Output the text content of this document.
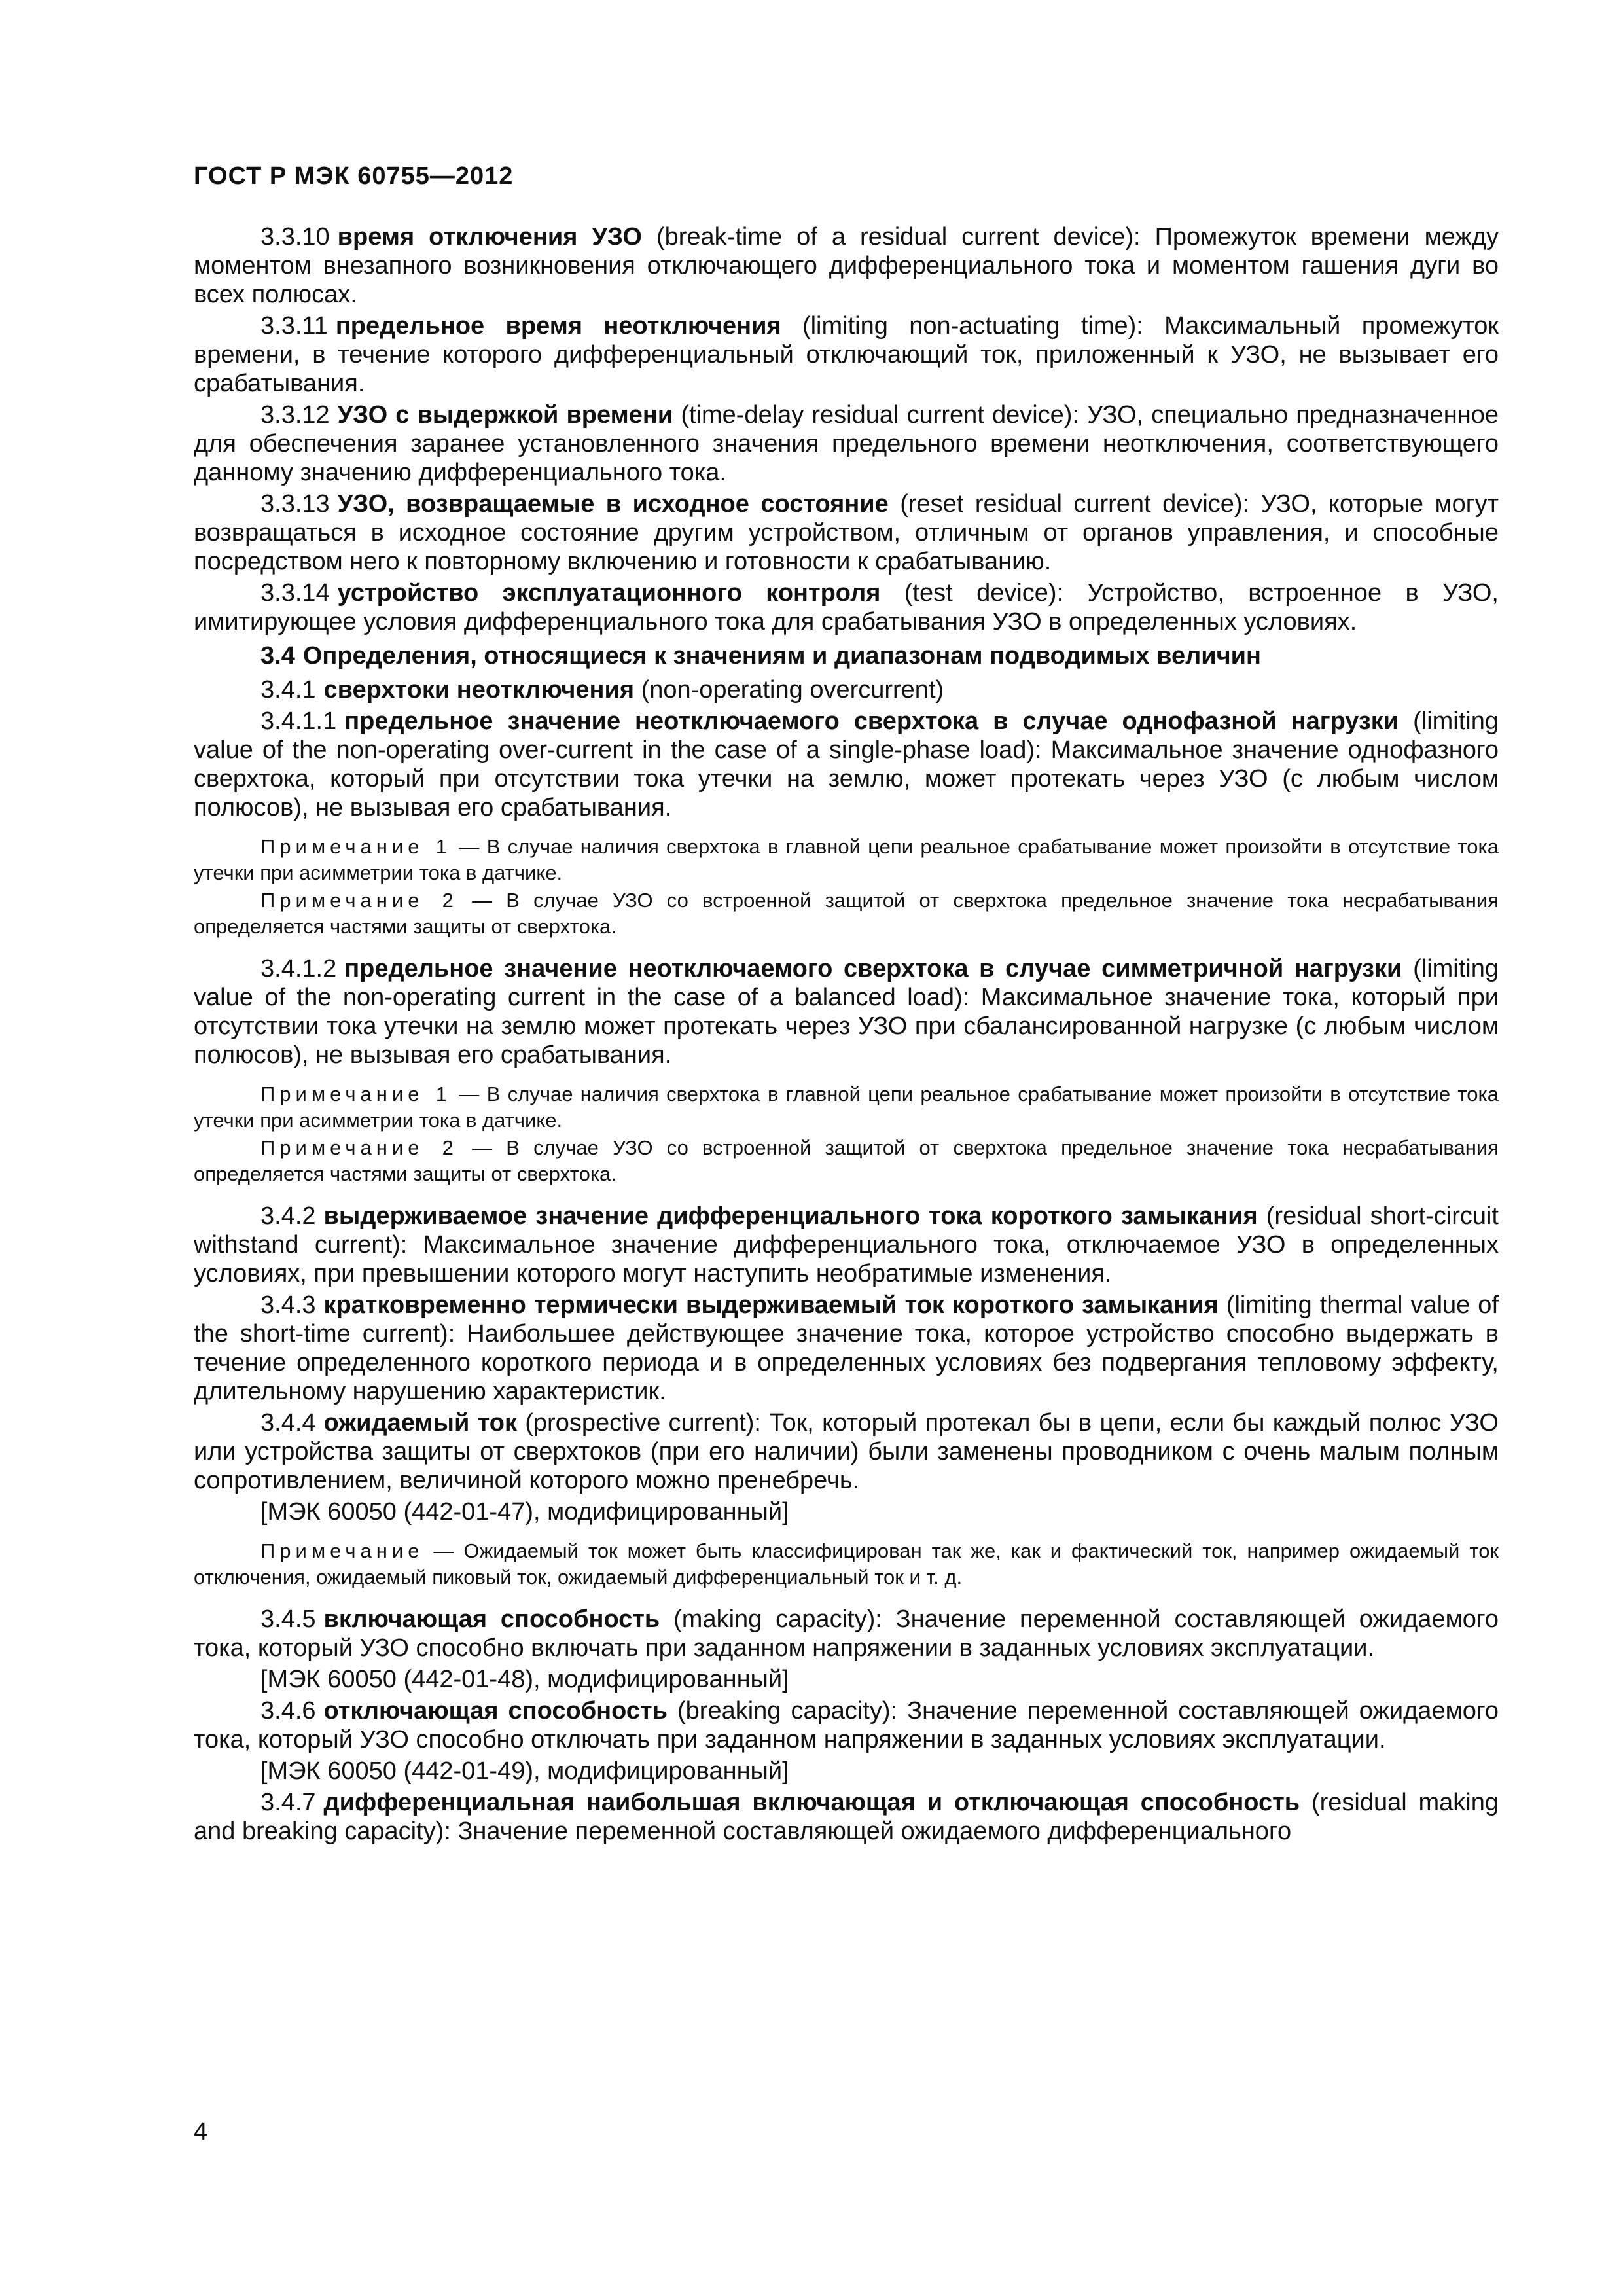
ГОСТ Р МЭК 60755—2012

3.3.10 время отключения УЗО (break-time of a residual current device): Промежуток времени между моментом внезапного возникновения отключающего дифференциального тока и моментом гашения дуги во всех полюсах.

3.3.11 предельное время неотключения (limiting non-actuating time): Максимальный промежуток времени, в течение которого дифференциальный отключающий ток, приложенный к УЗО, не вызывает его срабатывания.

3.3.12 УЗО с выдержкой времени (time-delay residual current device): УЗО, специально предназначенное для обеспечения заранее установленного значения предельного времени неотключения, соответствующего данному значению дифференциального тока.

3.3.13 УЗО, возвращаемые в исходное состояние (reset residual current device): УЗО, которые могут возвращаться в исходное состояние другим устройством, отличным от органов управления, и способные посредством него к повторному включению и готовности к срабатыванию.

3.3.14 устройство эксплуатационного контроля (test device): Устройство, встроенное в УЗО, имитирующее условия дифференциального тока для срабатывания УЗО в определенных условиях.

3.4 Определения, относящиеся к значениям и диапазонам подводимых величин

3.4.1 сверхтоки неотключения (non-operating overcurrent)

3.4.1.1 предельное значение неотключаемого сверхтока в случае однофазной нагрузки (limiting value of the non-operating over-current in the case of a single-phase load): Максимальное значение однофазного сверхтока, который при отсутствии тока утечки на землю, может протекать через УЗО (с любым числом полюсов), не вызывая его срабатывания.

Примечание 1 — В случае наличия сверхтока в главной цепи реальное срабатывание может произойти в отсутствие тока утечки при асимметрии тока в датчике.

Примечание 2 — В случае УЗО со встроенной защитой от сверхтока предельное значение тока несрабатывания определяется частями защиты от сверхтока.

3.4.1.2 предельное значение неотключаемого сверхтока в случае симметричной нагрузки (limiting value of the non-operating current in the case of a balanced load): Максимальное значение тока, который при отсутствии тока утечки на землю может протекать через УЗО при сбалансированной нагрузке (с любым числом полюсов), не вызывая его срабатывания.

Примечание 1 — В случае наличия сверхтока в главной цепи реальное срабатывание может произойти в отсутствие тока утечки при асимметрии тока в датчике.

Примечание 2 — В случае УЗО со встроенной защитой от сверхтока предельное значение тока несрабатывания определяется частями защиты от сверхтока.

3.4.2 выдерживаемое значение дифференциального тока короткого замыкания (residual short-circuit withstand current): Максимальное значение дифференциального тока, отключаемое УЗО в определенных условиях, при превышении которого могут наступить необратимые изменения.

3.4.3 кратковременно термически выдерживаемый ток короткого замыкания (limiting thermal value of the short-time current): Наибольшее действующее значение тока, которое устройство способно выдержать в течение определенного короткого периода и в определенных условиях без подвергания тепловому эффекту, длительному нарушению характеристик.

3.4.4 ожидаемый ток (prospective current): Ток, который протекал бы в цепи, если бы каждый полюс УЗО или устройства защиты от сверхтоков (при его наличии) были заменены проводником с очень малым полным сопротивлением, величиной которого можно пренебречь.

[МЭК 60050 (442-01-47), модифицированный]

Примечание — Ожидаемый ток может быть классифицирован так же, как и фактический ток, например ожидаемый ток отключения, ожидаемый пиковый ток, ожидаемый дифференциальный ток и т. д.

3.4.5 включающая способность (making capacity): Значение переменной составляющей ожидаемого тока, который УЗО способно включать при заданном напряжении в заданных условиях эксплуатации.

[МЭК 60050 (442-01-48), модифицированный]

3.4.6 отключающая способность (breaking capacity): Значение переменной составляющей ожидаемого тока, который УЗО способно отключать при заданном напряжении в заданных условиях эксплуатации.

[МЭК 60050 (442-01-49), модифицированный]

3.4.7 дифференциальная наибольшая включающая и отключающая способность (residual making and breaking capacity): Значение переменной составляющей ожидаемого дифференциального

4
